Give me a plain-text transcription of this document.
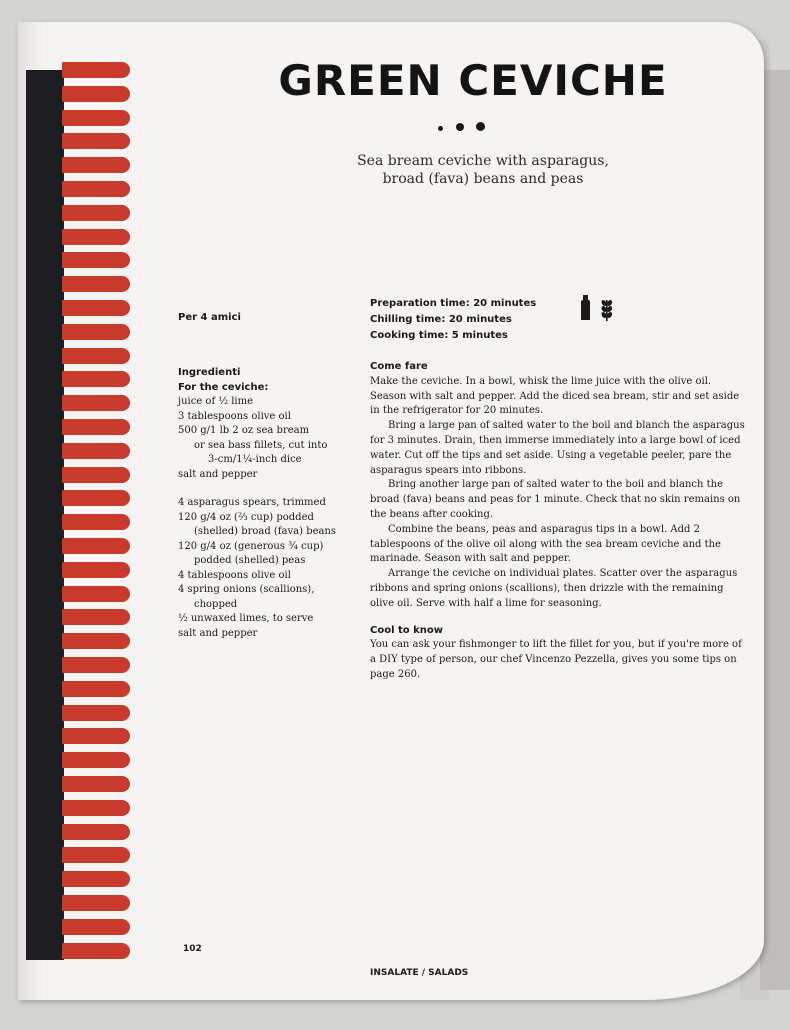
GREEN CEVICHE
Sea bream ceviche with asparagus,
broad (fava) beans and peas
Per 4 amici
Preparation time: 20 minutes
Chilling time: 20 minutes
Cooking time: 5 minutes
Ingredienti
For the ceviche:
juice of ½ lime
3 tablespoons olive oil
500 g/1 lb 2 oz sea bream
or sea bass fillets, cut into
3-cm/1¼-inch dice
salt and pepper
4 asparagus spears, trimmed
120 g/4 oz (⅔ cup) podded
(shelled) broad (fava) beans
120 g/4 oz (generous ¾ cup)
podded (shelled) peas
4 tablespoons olive oil
4 spring onions (scallions),
chopped
½ unwaxed limes, to serve
salt and pepper
Come fare

Make the ceviche. In a bowl, whisk the lime juice with the olive oil. Season with salt and pepper. Add the diced sea bream, stir and set aside in the refrigerator for 20 minutes.

Bring a large pan of salted water to the boil and blanch the asparagus for 3 minutes. Drain, then immerse immediately into a large bowl of iced water. Cut off the tips and set aside. Using a vegetable peeler, pare the asparagus spears into ribbons.

Bring another large pan of salted water to the boil and blanch the broad (fava) beans and peas for 1 minute. Check that no skin remains on the beans after cooking.

Combine the beans, peas and asparagus tips in a bowl. Add 2 tablespoons of the olive oil along with the sea bream ceviche and the marinade. Season with salt and pepper.

Arrange the ceviche on individual plates. Scatter over the asparagus ribbons and spring onions (scallions), then drizzle with the remaining olive oil. Serve with half a lime for seasoning.

Cool to know

You can ask your fishmonger to lift the fillet for you, but if you're more of a DIY type of person, our chef Vincenzo Pezzella, gives you some tips on page 260.

102
INSALATE / SALADS
